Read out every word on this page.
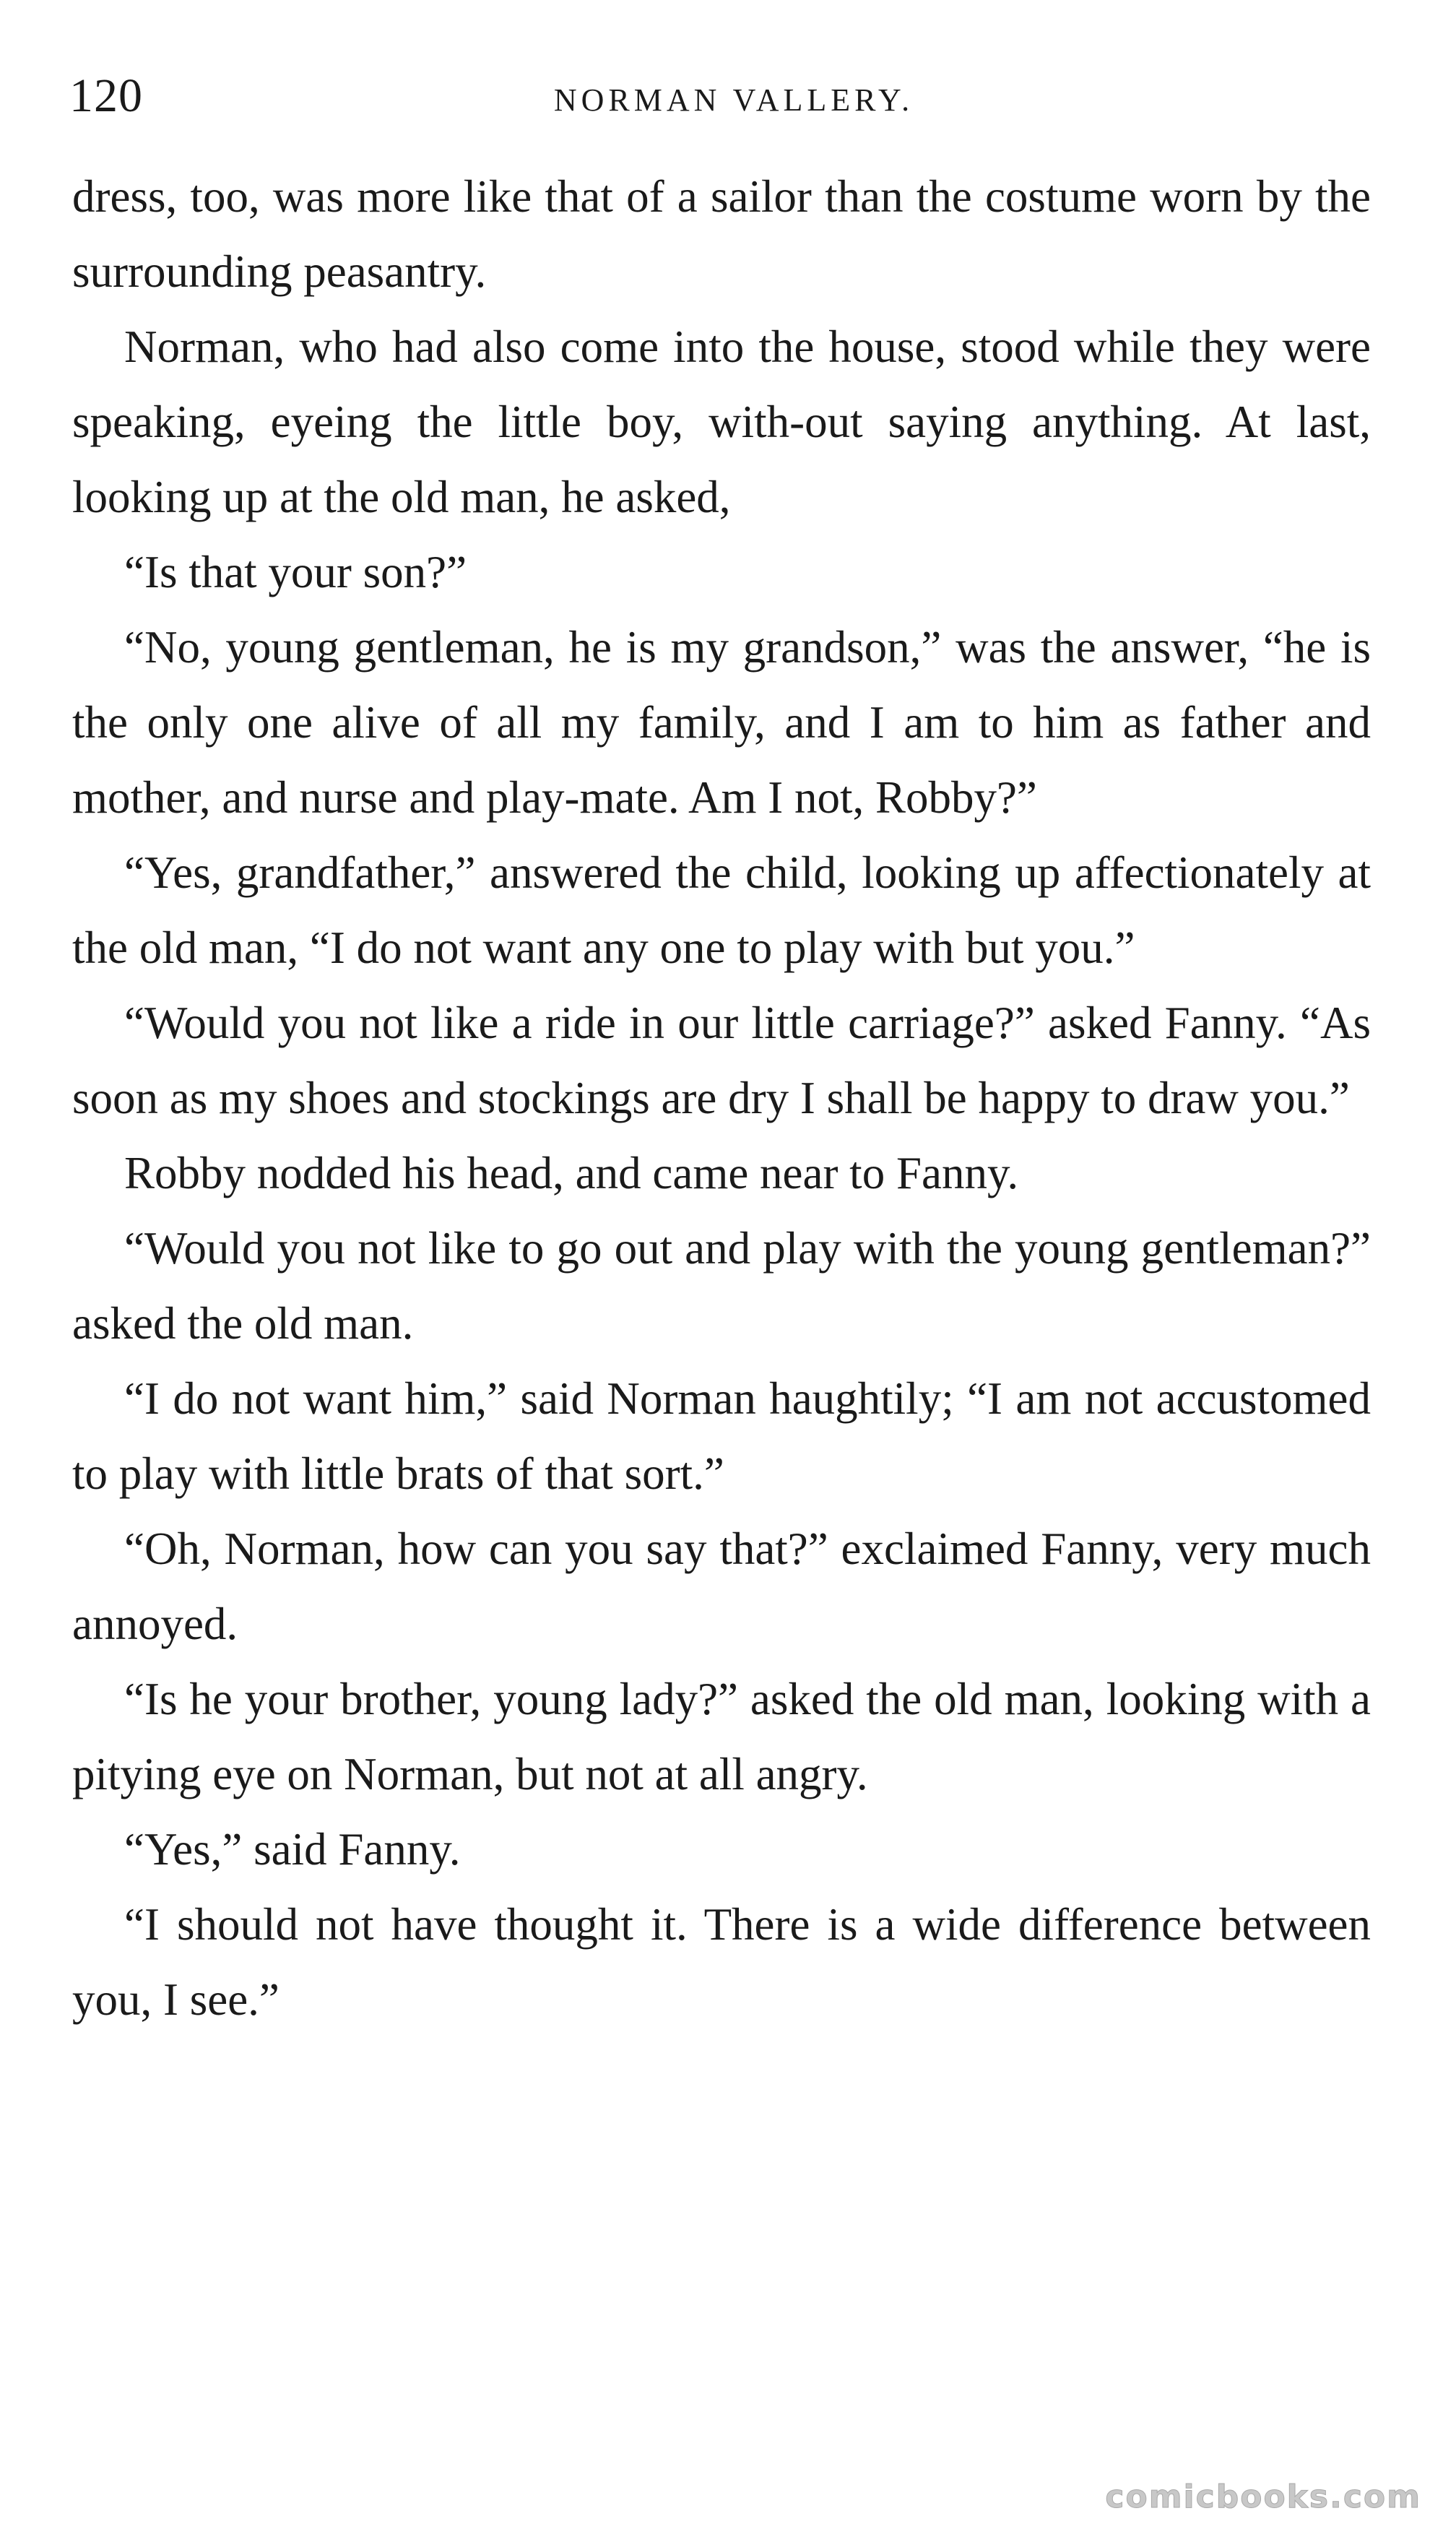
120	NORMAN VALLERY.

dress, too, was more like that of a sailor than the costume worn by the surrounding peasantry.

Norman, who had also come into the house, stood while they were speaking, eyeing the little boy, with-out saying anything. At last, looking up at the old man, he asked,

“Is that your son?”

“No, young gentleman, he is my grandson,” was the answer, “he is the only one alive of all my family, and I am to him as father and mother, and nurse and play-mate. Am I not, Robby?”

“Yes, grandfather,” answered the child, looking up affectionately at the old man, “I do not want any one to play with but you.”

“Would you not like a ride in our little carriage?” asked Fanny. “As soon as my shoes and stockings are dry I shall be happy to draw you.”

Robby nodded his head, and came near to Fanny.

“Would you not like to go out and play with the young gentleman?” asked the old man.

“I do not want him,” said Norman haughtily; “I am not accustomed to play with little brats of that sort.”

“Oh, Norman, how can you say that?” exclaimed Fanny, very much annoyed.

“Is he your brother, young lady?” asked the old man, looking with a pitying eye on Norman, but not at all angry.

“Yes,” said Fanny.

“I should not have thought it. There is a wide difference between you, I see.”

comicbooks.com
